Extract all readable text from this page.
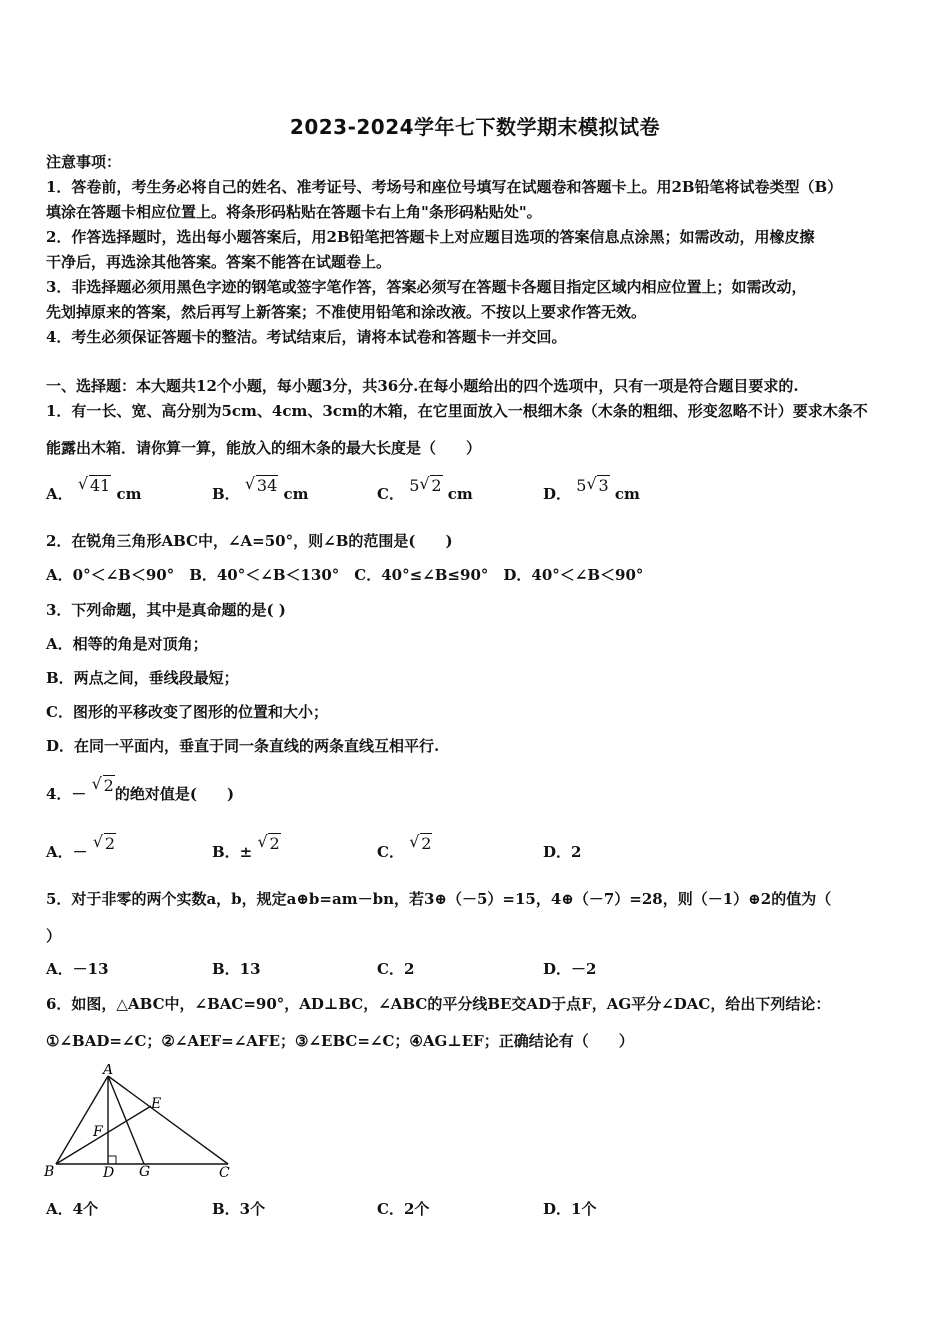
2023-2024学年七下数学期末模拟试卷
注意事项：
1．答卷前，考生务必将自己的姓名、准考证号、考场号和座位号填写在试题卷和答题卡上。用2B铅笔将试卷类型（B）
填涂在答题卡相应位置上。将条形码粘贴在答题卡右上角"条形码粘贴处"。
2．作答选择题时，选出每小题答案后，用2B铅笔把答题卡上对应题目选项的答案信息点涂黑；如需改动，用橡皮擦
干净后，再选涂其他答案。答案不能答在试题卷上。
3．非选择题必须用黑色字迹的钢笔或签字笔作答，答案必须写在答题卡各题目指定区域内相应位置上；如需改动，
先划掉原来的答案，然后再写上新答案；不准使用铅笔和涂改液。不按以上要求作答无效。
4．考生必须保证答题卡的整洁。考试结束后，请将本试卷和答题卡一并交回。
一、选择题：本大题共12个小题，每小题3分，共36分.在每小题给出的四个选项中，只有一项是符合题目要求的.
1．有一长、宽、高分别为5cm、4cm、3cm的木箱，在它里面放入一根细木条（木条的粗细、形变忽略不计）要求木条不
能露出木箱．请你算一算，能放入的细木条的最大长度是（　　）
A．
√ 41 cm	B．
√ 34 cm	C． 5 √ 2 cm	D． 5 √ 3 cm
2．在锐角三角形ABC中，∠A=50°，则∠B的范围是(　　)
A．0°＜∠B＜90°　B．40°＜∠B＜130°　C．40°≤∠B≤90°　D．40°＜∠B＜90°
3．下列命题，其中是真命题的是( )
A．相等的角是对顶角；
B．两点之间，垂线段最短；
C．图形的平移改变了图形的位置和大小；
D．在同一平面内，垂直于同一条直线的两条直线互相平行.
4．－
√ 2的绝对值是(　　)
A．－
√ 2	B．±
√ 2	C．
√ 2	D．2
5．对于非零的两个实数a，b，规定a⊕b=am－bn，若3⊕（－5）=15，4⊕（－7）=28，则（－1）⊕2的值为（
）
A．－13	B．13	C．2	D．－2
6．如图，△ABC中，∠BAC=90°，AD⊥BC，∠ABC的平分线BE交AD于点F，AG平分∠DAC，给出下列结论：
①∠BAD=∠C；②∠AEF=∠AFE；③∠EBC=∠C；④AG⊥EF；正确结论有（　　）
A
B	C
D
E
F
G
A．4个	B．3个	C．2个	D．1个
